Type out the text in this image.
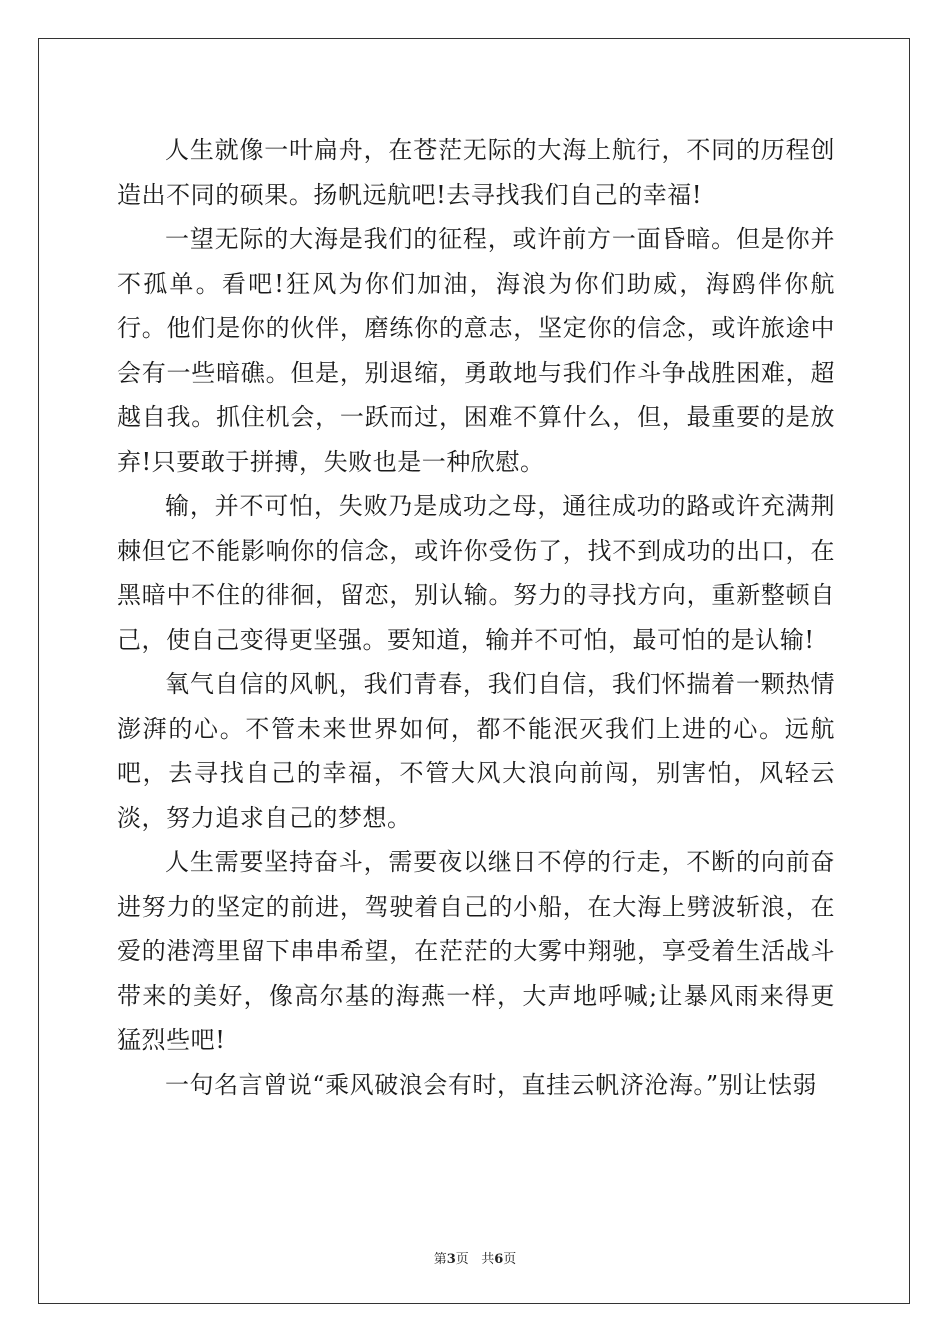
人生就像一叶扁舟，在苍茫无际的大海上航行，不同的历程创造出不同的硕果。扬帆远航吧!去寻找我们自己的幸福!

一望无际的大海是我们的征程，或许前方一面昏暗。但是你并不孤单。看吧!狂风为你们加油，海浪为你们助威，海鸥伴你航行。他们是你的伙伴，磨练你的意志，坚定你的信念，或许旅途中会有一些暗礁。但是，别退缩，勇敢地与我们作斗争战胜困难，超越自我。抓住机会，一跃而过，困难不算什么，但，最重要的是放弃!只要敢于拼搏，失败也是一种欣慰。

输，并不可怕，失败乃是成功之母，通往成功的路或许充满荆棘但它不能影响你的信念，或许你受伤了，找不到成功的出口，在黑暗中不住的徘徊，留恋，别认输。努力的寻找方向，重新整顿自己，使自己变得更坚强。要知道，输并不可怕，最可怕的是认输!

氧气自信的风帆，我们青春，我们自信，我们怀揣着一颗热情澎湃的心。不管未来世界如何，都不能泯灭我们上进的心。远航吧，去寻找自己的幸福，不管大风大浪向前闯，别害怕，风轻云淡，努力追求自己的梦想。

人生需要坚持奋斗，需要夜以继日不停的行走，不断的向前奋进努力的坚定的前进，驾驶着自己的小船，在大海上劈波斩浪，在爱的港湾里留下串串希望，在茫茫的大雾中翔驰，享受着生活战斗带来的美好，像高尔基的海燕一样，大声地呼喊;让暴风雨来得更猛烈些吧!

一句名言曾说“乘风破浪会有时，直挂云帆济沧海。”别让怯弱

第3页 共6页
